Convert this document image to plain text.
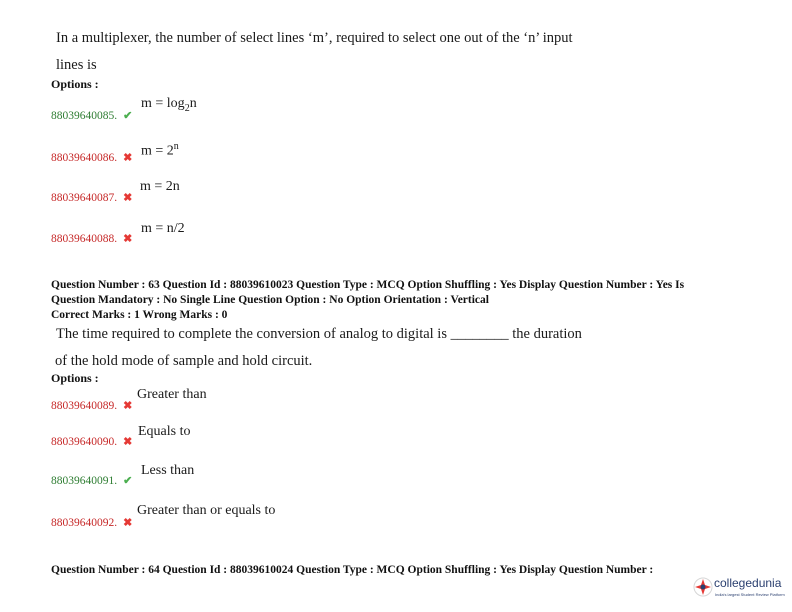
In a multiplexer, the number of select lines ‘m’, required to select one out of the ‘n’ input
lines is
Options :
88039640085. ✔
$m = \log_2n$
88039640086. ✖ $m = 2^n$
88039640087. ✖
m = 2n
88039640088. ✖
m = n/2
Question Number : 63 Question Id : 88039610023 Question Type : MCQ Option Shuffling : Yes Display Question Number : Yes Is
Question Mandatory : No Single Line Question Option : No Option Orientation : Vertical
Correct Marks : 1 Wrong Marks : 0
The time required to complete the conversion of analog to digital is ________ the duration
of the hold mode of sample and hold circuit.
Options :
88039640089. ✖
Greater than
88039640090. ✖
Equals to
88039640091. ✔
Less than
88039640092. ✖
Greater than or equals to
Question Number : 64 Question Id : 88039610024 Question Type : MCQ Option Shuffling : Yes Display Question Number :
collegedunia
India's largest Student Review Platform
